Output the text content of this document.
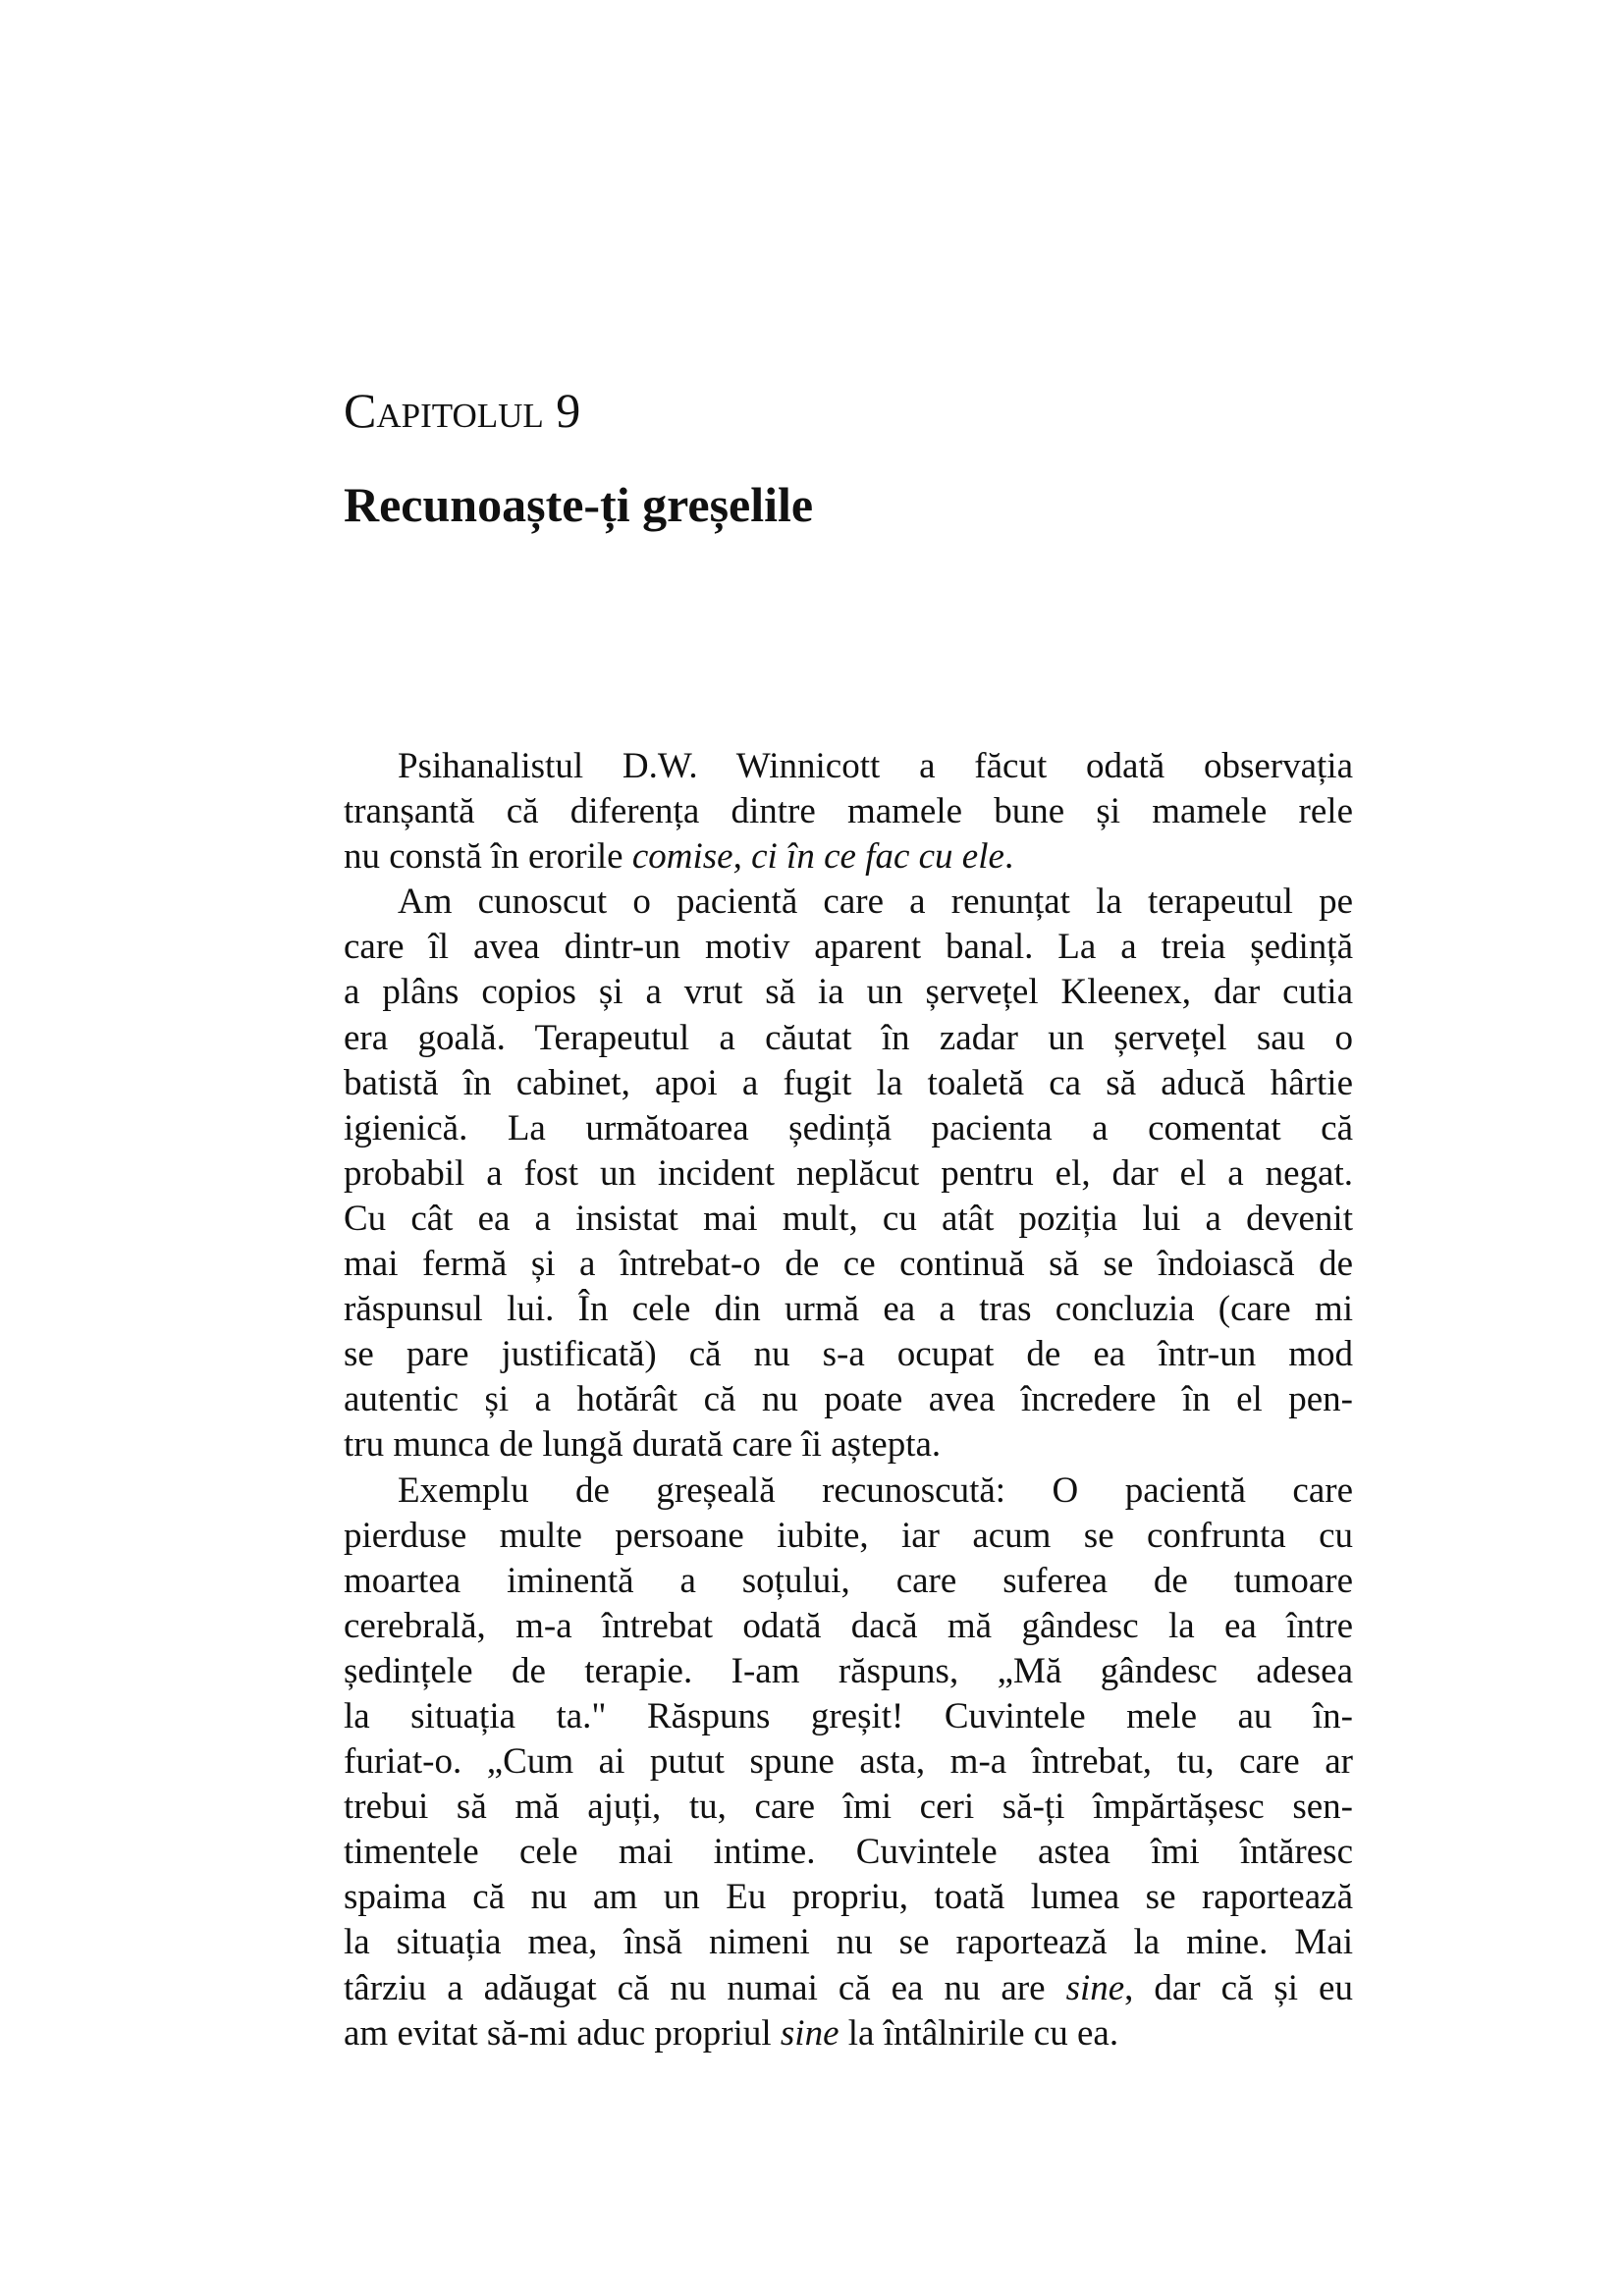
Capitolul 9
Recunoaște-ți greșelile
Psihanalistul D.W. Winnicott a făcut odată observația
tranșantă că diferența dintre mamele bune și mamele rele
nu constă în erorile comise, ci în ce fac cu ele.
Am cunoscut o pacientă care a renunțat la terapeutul pe
care îl avea dintr-un motiv aparent banal. La a treia ședință
a plâns copios și a vrut să ia un șervețel Kleenex, dar cutia
era goală. Terapeutul a căutat în zadar un șervețel sau o
batistă în cabinet, apoi a fugit la toaletă ca să aducă hârtie
igienică. La următoarea ședință pacienta a comentat că
probabil a fost un incident neplăcut pentru el, dar el a negat.
Cu cât ea a insistat mai mult, cu atât poziția lui a devenit
mai fermă și a întrebat-o de ce continuă să se îndoiască de
răspunsul lui. În cele din urmă ea a tras concluzia (care mi
se pare justificată) că nu s-a ocupat de ea într-un mod
autentic și a hotărât că nu poate avea încredere în el pen-
tru munca de lungă durată care îi aștepta.
Exemplu de greșeală recunoscută: O pacientă care
pierduse multe persoane iubite, iar acum se confrunta cu
moartea iminentă a soțului, care suferea de tumoare
cerebrală, m-a întrebat odată dacă mă gândesc la ea între
ședințele de terapie. I-am răspuns, „Mă gândesc adesea
la situația ta." Răspuns greșit! Cuvintele mele au în-
furiat-o. „Cum ai putut spune asta, m-a întrebat, tu, care ar
trebui să mă ajuți, tu, care îmi ceri să-ți împărtășesc sen-
timentele cele mai intime. Cuvintele astea îmi întăresc
spaima că nu am un Eu propriu, toată lumea se raportează
la situația mea, însă nimeni nu se raportează la mine. Mai
târziu a adăugat că nu numai că ea nu are sine, dar că și eu
am evitat să-mi aduc propriul sine la întâlnirile cu ea.
